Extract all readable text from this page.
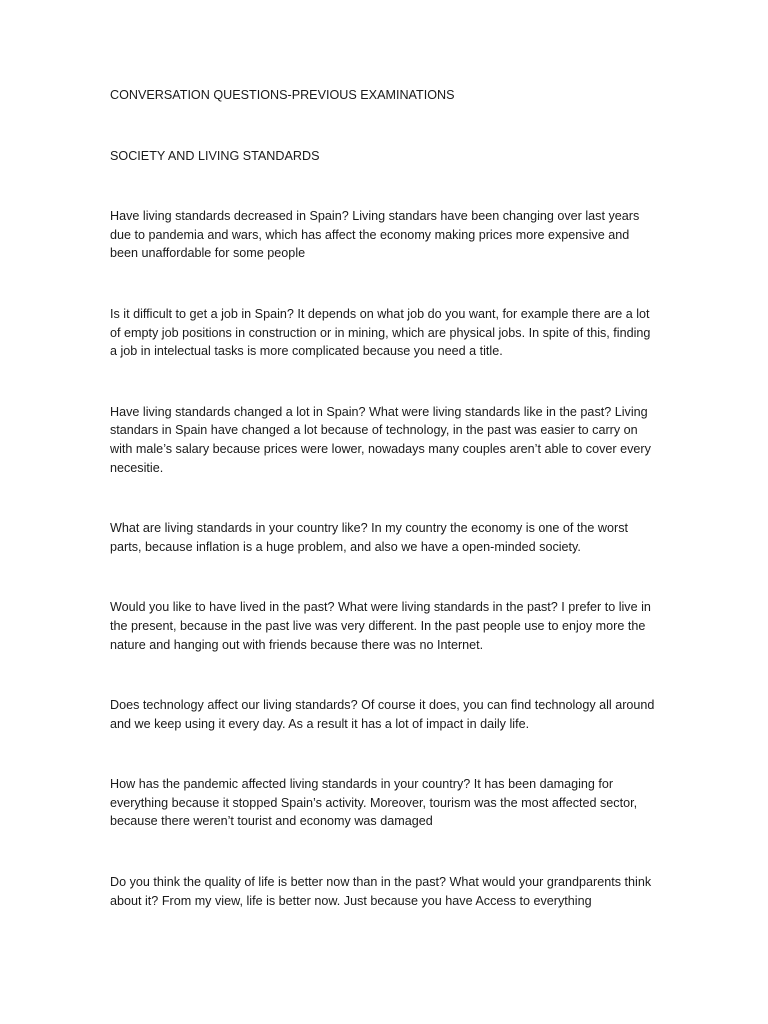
CONVERSATION QUESTIONS-PREVIOUS EXAMINATIONS
SOCIETY AND LIVING STANDARDS

Have living standards decreased in Spain? Living standars have been changing over last years due to pandemia and wars, which has affect the economy making prices more expensive and been unaffordable for some people

Is it difficult to get a job in Spain? It depends on what job do you want, for example there are a lot of empty job positions in construction or in mining, which are physical jobs. In spite of this, finding a job in intelectual tasks is more complicated because you need a title.

Have living standards changed a lot in Spain? What were living standards like in the past? Living standars in Spain have changed a lot because of technology, in the past was easier to carry on with male’s salary because prices were lower, nowadays many couples aren’t able to cover every necesitie.

What are living standards in your country like? In my country the economy is one of the worst parts, because inflation is a huge problem, and also we have a open-minded society.

Would you like to have lived in the past? What were living standards in the past? I prefer to live in the present, because in the past live was very different. In the past people use to enjoy more the nature and hanging out with friends because there was no Internet.

Does technology affect our living standards? Of course it does, you can find technology all around and we keep using it every day. As a result it has a lot of impact in daily life.

How has the pandemic affected living standards in your country? It has been damaging for everything because it stopped Spain’s activity. Moreover, tourism was the most affected sector, because there weren’t tourist and economy was damaged

Do you think the quality of life is better now than in the past? What would your grandparents think about it? From my view, life is better now. Just because you have Access to everything
